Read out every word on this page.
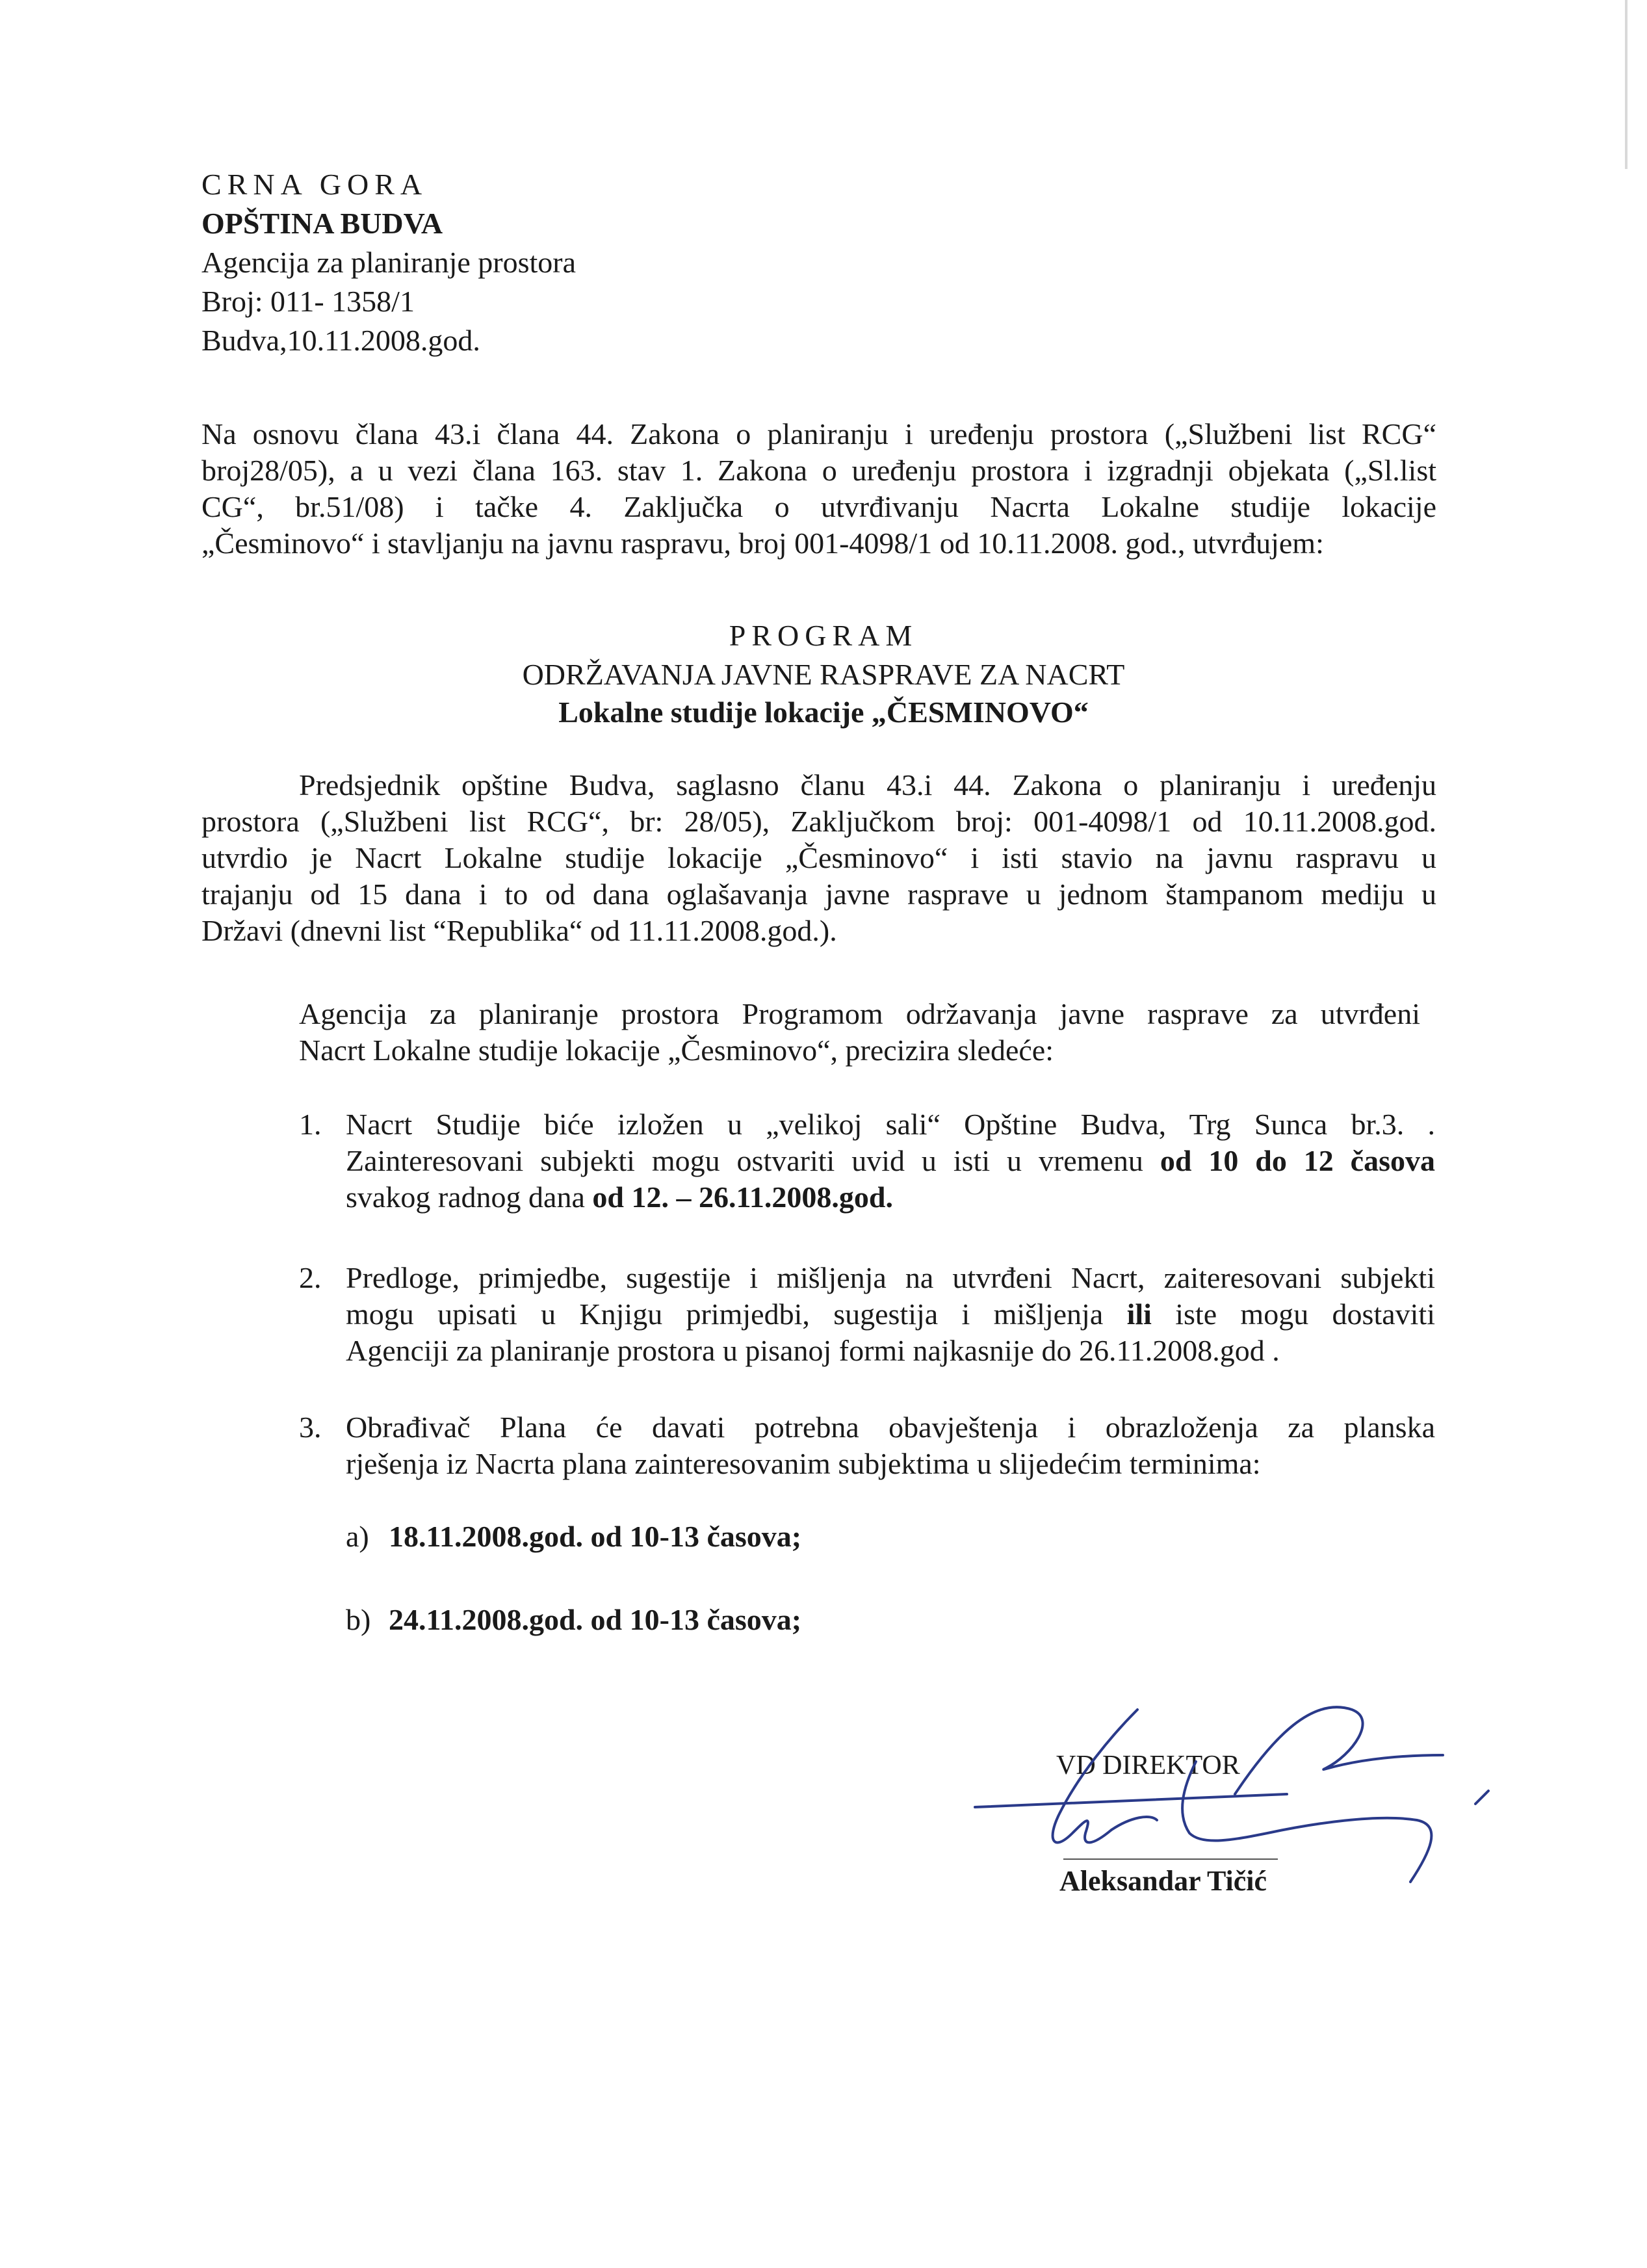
CRNA GORA
OPŠTINA BUDVA
Agencija za planiranje prostora
Broj: 011- 1358/1
Budva,10.11.2008.god.
Na osnovu člana 43.i člana 44. Zakona o planiranju i uređenju prostora („Službeni list RCG“
broj28/05), a u vezi člana 163. stav 1. Zakona o uređenju prostora i izgradnji objekata („Sl.list
CG“, br.51/08) i tačke 4. Zaključka o utvrđivanju Nacrta Lokalne studije lokacije
„Česminovo“ i stavljanju na javnu raspravu, broj 001-4098/1 od 10.11.2008. god., utvrđujem:
PROGRAM
ODRŽAVANJA JAVNE RASPRAVE ZA NACRT
Lokalne studije lokacije „ČESMINOVO“
Predsjednik opštine Budva, saglasno članu 43.i 44. Zakona o planiranju i uređenju
prostora („Službeni list RCG“, br: 28/05), Zaključkom broj: 001-4098/1 od 10.11.2008.god.
utvrdio je Nacrt Lokalne studije lokacije „Česminovo“ i isti stavio na javnu raspravu u
trajanju od 15 dana i to od dana oglašavanja javne rasprave u jednom štampanom mediju u
Državi (dnevni list “Republika“ od 11.11.2008.god.).
Agencija za planiranje prostora Programom održavanja javne rasprave za utvrđeni
Nacrt Lokalne studije lokacije „Česminovo“, precizira sledeće:
1. Nacrt Studije biće izložen u „velikoj sali“ Opštine Budva, Trg Sunca br.3. .
Zainteresovani subjekti mogu ostvariti uvid u isti u vremenu od 10 do 12 časova
svakog radnog dana od 12. – 26.11.2008.god.
2. Predloge, primjedbe, sugestije i mišljenja na utvrđeni Nacrt, zaiteresovani subjekti
mogu upisati u Knjigu primjedbi, sugestija i mišljenja ili iste mogu dostaviti
Agenciji za planiranje prostora u pisanoj formi najkasnije do 26.11.2008.god .
3. Obrađivač Plana će davati potrebna obavještenja i obrazloženja za planska
rješenja iz Nacrta plana zainteresovanim subjektima u slijedećim terminima:
a) 18.11.2008.god. od 10-13 časova;
b) 24.11.2008.god. od 10-13 časova;
VD DIREKTOR
Aleksandar Tičić
